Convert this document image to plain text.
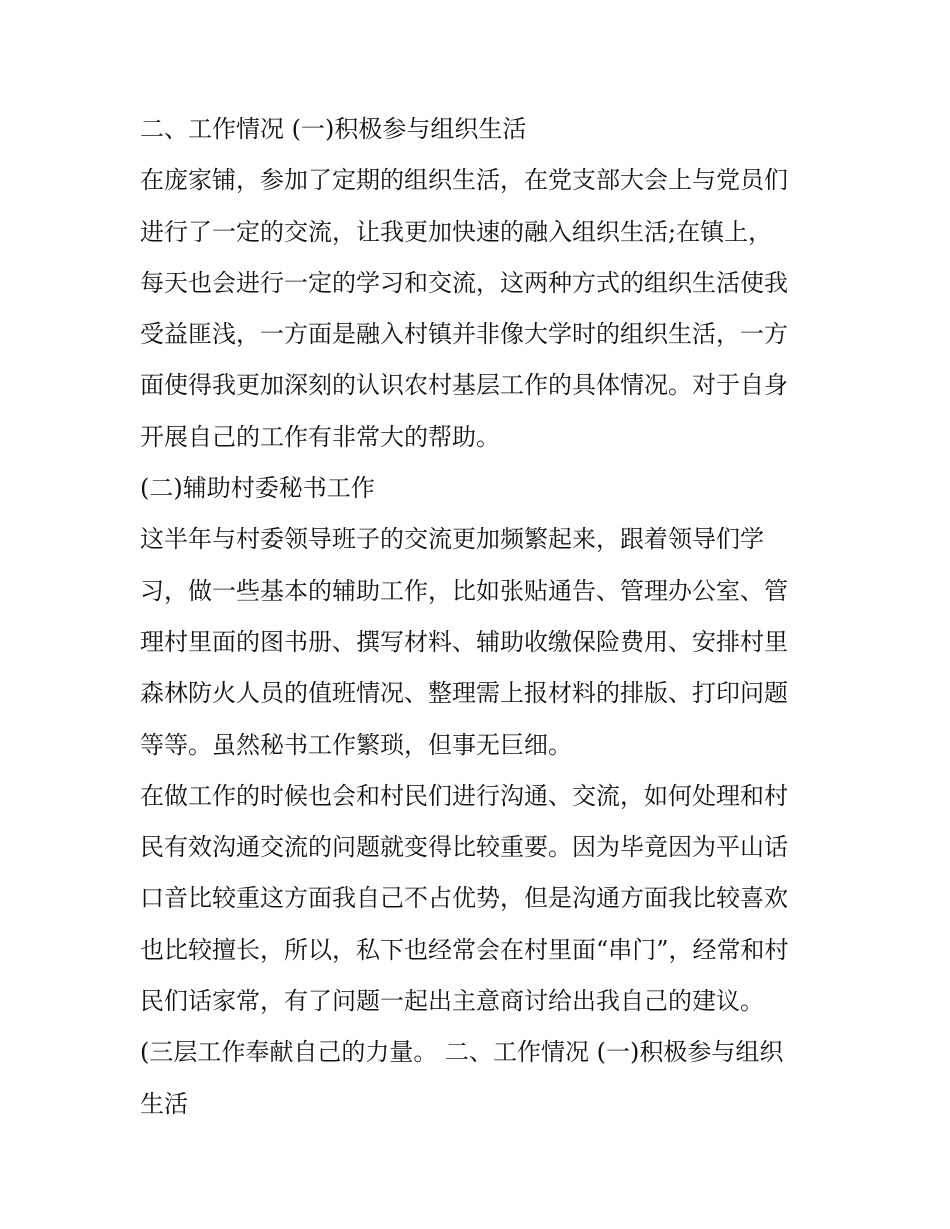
二、工作情况 (一)积极参与组织生活
在庞家铺，参加了定期的组织生活，在党支部大会上与党员们
进行了一定的交流，让我更加快速的融入组织生活;在镇上，
每天也会进行一定的学习和交流，这两种方式的组织生活使我
受益匪浅，一方面是融入村镇并非像大学时的组织生活，一方
面使得我更加深刻的认识农村基层工作的具体情况。对于自身
开展自己的工作有非常大的帮助。
(二)辅助村委秘书工作
这半年与村委领导班子的交流更加频繁起来，跟着领导们学
习，做一些基本的辅助工作，比如张贴通告、管理办公室、管
理村里面的图书册、撰写材料、辅助收缴保险费用、安排村里
森林防火人员的值班情况、整理需上报材料的排版、打印问题
等等。虽然秘书工作繁琐，但事无巨细。
在做工作的时候也会和村民们进行沟通、交流，如何处理和村
民有效沟通交流的问题就变得比较重要。因为毕竟因为平山话
口音比较重这方面我自己不占优势，但是沟通方面我比较喜欢
也比较擅长，所以，私下也经常会在村里面“串门”，经常和村
民们话家常，有了问题一起出主意商讨给出我自己的建议。
(三层工作奉献自己的力量。 二、工作情况 (一)积极参与组织
生活
